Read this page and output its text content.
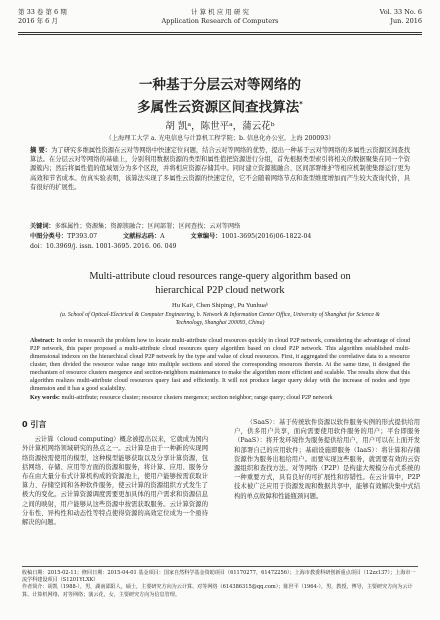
第 33 卷 第 6 期
2016 年 6 月
计 算 机 应 用 研 究
Application Research of Computers
Vol. 33 No. 6
Jun. 2016
一种基于分层云对等网络的
多属性云资源区间查找算法*
胡 凯ᵃ，陈世平ᵃ，蒲云花ᵇ
（上海理工大学 a. 光电信息与计算机工程学院；b. 信息化办公室，上海 200093）
摘 要：为了研究多维属性资源在云对等网络中快速定位问题，结合云对等网络的优势，提出一种基于云对等网络的多属性云资源区间查找算法。在分层云对等网络的基础上，分别利用数据资源的类型和属性值把资源进行分组，首先根据类型索引将相关的数据聚集在同一个资源簇内；然后将属性值的值域划分为多个区段，并将相应资源存储其中。同时建立资源簇融合、区间部署维护等相应机制使集群运行更为高效和节省成本。仿真实验表明，该算法实现了多属性云资源的快速定位，它不会随着网络节点和查型维度增加而产生较大查询代价，具有很好的扩展性。
关键词：多维属性；资源集；资源簇融合；区间部署；区间查找；云对等网络
中图分类号：TP393.07	文献标志码：A	文章编号：1001-3695(2016)06-1822-04
doi：10.3969/j. issn. 1001-3695. 2016. 06. 049
Multi-attribute cloud resources range-query algorithm based on
hierarchical P2P cloud network
Hu Kaiᵃ, Chen Shipingᵃ, Pu Yunhuaᵇ
(a. School of Optical-Electrical & Computer Engineering, b. Network & Information Center Office, University of Shanghai for Science & Technology, Shanghai 200093, China)
Abstract: In order to research the problem how to locate multi-attribute cloud resources quickly in cloud P2P network, considering the advantage of cloud P2P network, this paper proposed a multi-attribute cloud resources query algorithm based on cloud P2P network. This algorithm established multi-dimensional indexes on the hierarchical cloud P2P network by the type and value of cloud resources. First, it aggregated the correlative data to a resource cluster, then divided the resource value range into multiple sections and stored the corresponding resources therein. At the same time, it designed the mechanism of resource clusters mergence and section-neighbors maintenance to make the algorithm more efficient and scalable. The results show that this algorithm realizes multi-attribute cloud resources query fast and efficiently. It will not produce larger query delay with the increase of nodes and type dimension and it has a good scalability.
Key words: multi-attribute; resource cluster; resource clusters mergence; section neighbor; range query; cloud P2P network
0 引言
云计算（cloud computing）概念被提出以来，它就成为国内外计算机网络领域研究的热点之一。云计算是由于一种新的实现网络资源按需使用的模型，这种模型能够获取以及分享计算资源，包括网络、存储、应用等方面的资源和服务，将计算、应用、服务分布在由大量分布式计算机构成的资源池上，使用户能够按需获取计算力、存储空间和各种软件服务，使云计算的资源组织方式发生了极大的变化。云计算资源调度需要更加具体的用户需求和资源信息之间的映射，用户能够从这些资源中按需获取服务。云计算资源的分布性、异构性和动态性等特点使得资源的高效定位成为一个亟待解决的问题。
（SaaS）：基于传统软件资源以软件服务实例的形式提供给用户，供多用户共享，面向需要使用软件服务的用户；平台即服务（PaaS）：将开发环境作为服务提供给用户，用户可以在上面开发和部署自己的应用软件；基础设施即服务（IaaS）：将计算和存储资源作为服务出租给用户。而要实现这些服务，就需要有效的云资源组织和查找方法。对等网络（P2P）是构建大规模分布式系统的一种重要方式，具有良好的可扩展性和容错性。在云计算中，P2P技术被广泛应用于资源发现和数据共享中，能够有效解决集中式结构的单点故障和性能瓶颈问题。
收稿日期：2015-02-11；修回日期：2015-04-01 基金项目：国家自然科学基金资助项目（61170277，61472256）；上海市教委科研创新重点项目（12zz137）；上海市一流学科建设项目（S1201YLXK）
作者简介：胡凯（1988-），男，湖南邵阳人，硕士，主要研究方向为云计算、对等网络（614386315@qq.com）；陈世平（1964-），男，教授，博导，主要研究方向为云计算、计算机网络、对等网络；蒲云花，女，主要研究方向为信息管理。
